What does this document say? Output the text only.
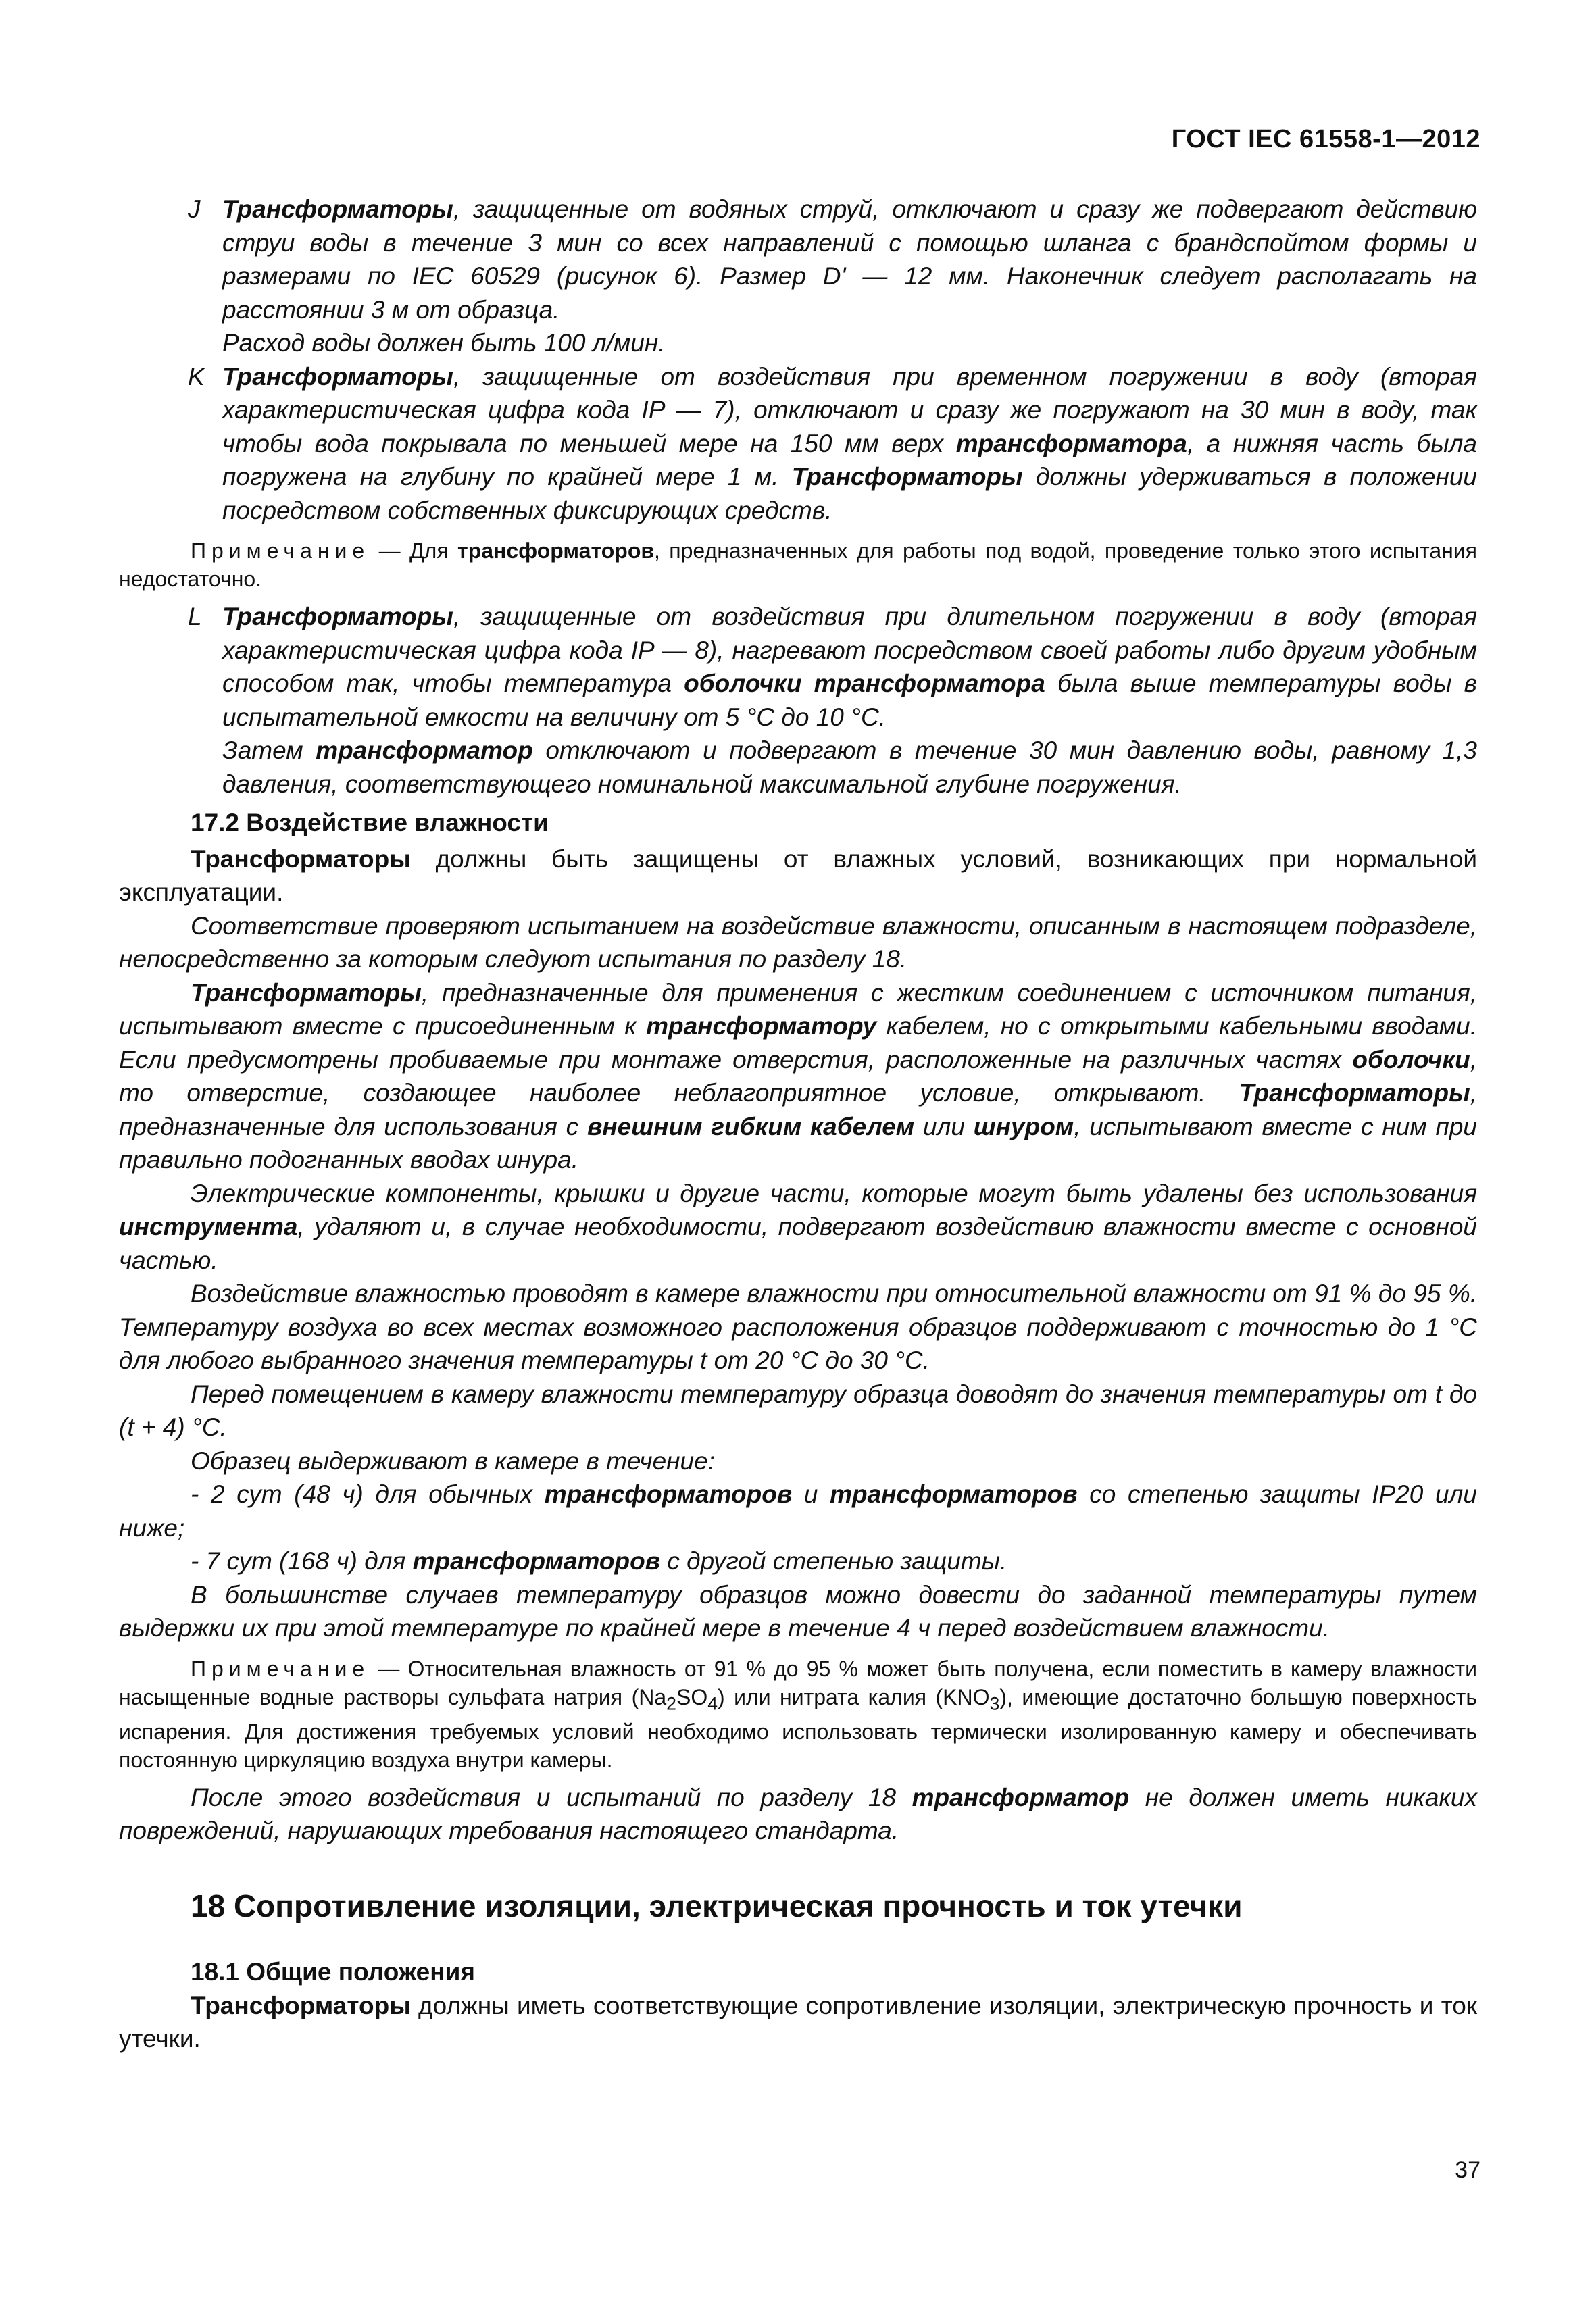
ГОСТ IEC 61558-1—2012
J Трансформаторы, защищенные от водяных струй, отключают и сразу же подвергают действию струи воды в течение 3 мин со всех направлений с помощью шланга с брандспойтом формы и размерами по IEC 60529 (рисунок 6). Размер D' — 12 мм. Наконечник следует располагать на расстоянии 3 м от образца.
Расход воды должен быть 100 л/мин.
K Трансформаторы, защищенные от воздействия при временном погружении в воду (вторая характеристическая цифра кода IP — 7), отключают и сразу же погружают на 30 мин в воду, так чтобы вода покрывала по меньшей мере на 150 мм верх трансформатора, а нижняя часть была погружена на глубину по крайней мере 1 м. Трансформаторы должны удерживаться в положении посредством собственных фиксирующих средств.
Примечание — Для трансформаторов, предназначенных для работы под водой, проведение только этого испытания недостаточно.
L Трансформаторы, защищенные от воздействия при длительном погружении в воду (вторая характеристическая цифра кода IP — 8), нагревают посредством своей работы либо другим удобным способом так, чтобы температура оболочки трансформатора была выше температуры воды в испытательной емкости на величину от 5 °С до 10 °С.
Затем трансформатор отключают и подвергают в течение 30 мин давлению воды, равному 1,3 давления, соответствующего номинальной максимальной глубине погружения.
17.2 Воздействие влажности

Трансформаторы должны быть защищены от влажных условий, возникающих при нормальной эксплуатации.

Соответствие проверяют испытанием на воздействие влажности, описанным в настоящем подразделе, непосредственно за которым следуют испытания по разделу 18.

Трансформаторы, предназначенные для применения с жестким соединением с источником питания, испытывают вместе с присоединенным к трансформатору кабелем, но с открытыми кабельными вводами. Если предусмотрены пробиваемые при монтаже отверстия, расположенные на различных частях оболочки, то отверстие, создающее наиболее неблагоприятное условие, открывают. Трансформаторы, предназначенные для использования с внешним гибким кабелем или шнуром, испытывают вместе с ним при правильно подогнанных вводах шнура.

Электрические компоненты, крышки и другие части, которые могут быть удалены без использования инструмента, удаляют и, в случае необходимости, подвергают воздействию влажности вместе с основной частью.

Воздействие влажностью проводят в камере влажности при относительной влажности от 91 % до 95 %. Температуру воздуха во всех местах возможного расположения образцов поддерживают с точностью до 1 °С для любого выбранного значения температуры t от 20 °С до 30 °С.

Перед помещением в камеру влажности температуру образца доводят до значения температуры от t до (t + 4) °С.

Образец выдерживают в камере в течение:

- 2 сут (48 ч) для обычных трансформаторов и трансформаторов со степенью защиты IP20 или ниже;

- 7 сут (168 ч) для трансформаторов с другой степенью защиты.

В большинстве случаев температуру образцов можно довести до заданной температуры путем выдержки их при этой температуре по крайней мере в течение 4 ч перед воздействием влажности.

Примечание — Относительная влажность от 91 % до 95 % может быть получена, если поместить в камеру влажности насыщенные водные растворы сульфата натрия $(Na_2SO_4)$ или нитрата калия $(KNO_3)$, имеющие достаточно большую поверхность испарения. Для достижения требуемых условий необходимо использовать термически изолированную камеру и обеспечивать постоянную циркуляцию воздуха внутри камеры.

После этого воздействия и испытаний по разделу 18 трансформатор не должен иметь никаких повреждений, нарушающих требования настоящего стандарта.

18 Сопротивление изоляции, электрическая прочность и ток утечки
18.1 Общие положения

Трансформаторы должны иметь соответствующие сопротивление изоляции, электрическую прочность и ток утечки.

37
